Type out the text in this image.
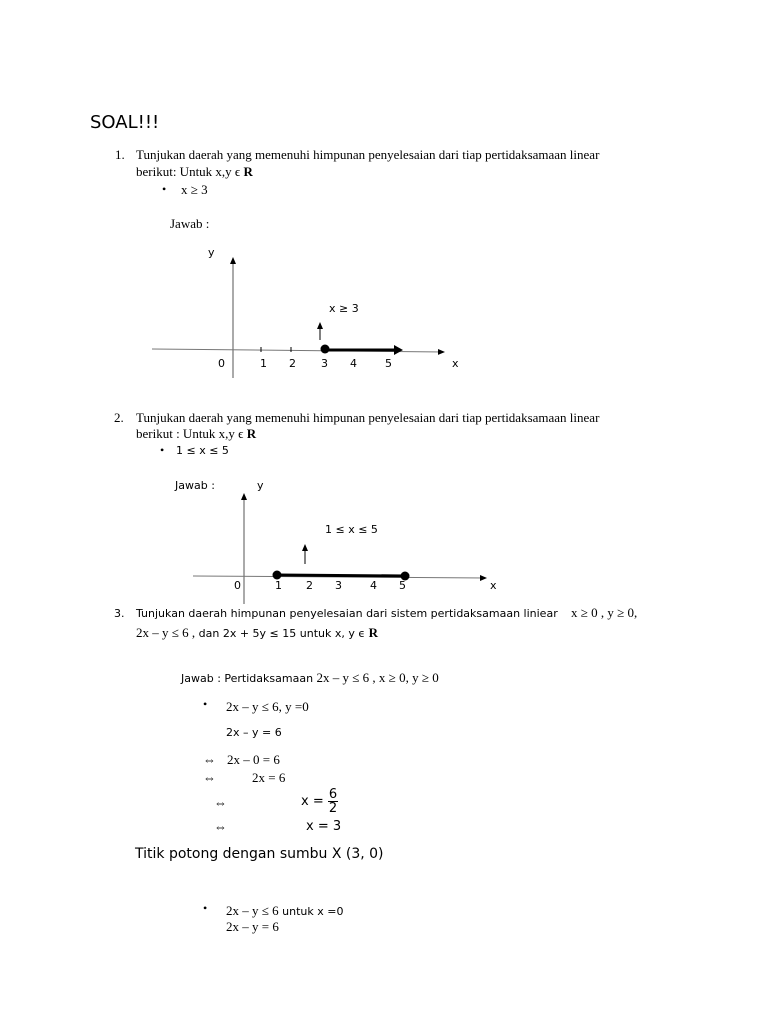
SOAL!!!
1. Tunjukan daerah yang memenuhi himpunan penyelesaian dari tiap pertidaksamaan linear
berikut: Untuk x,y ϵ R
• x ≥ 3
Jawab :
y
x ≥ 3
0	1 2 3 4	5	x
2. Tunjukan daerah yang memenuhi himpunan penyelesaian dari tiap pertidaksamaan linear
berikut : Untuk x,y ϵ R
• 1 ≤ x ≤ 5
Jawab :	y
1 ≤ x ≤ 5
0	1 2 3	4 5	x
3. Tunjukan daerah himpunan penyelesaian dari sistem pertidaksamaan liniear x ≥ 0 , y ≥ 0,
2x – y ≤ 6 , dan 2x + 5y ≤ 15 untuk x, y ϵ R
Jawab : Pertidaksamaan 2x – y ≤ 6 , x ≥ 0, y ≥ 0
• 2x – y ≤ 6, y =0
2x – y = 6
⇔ 2x – 0 = 6
⇔	2x = 6
⇔	$x = \frac{6}{2}$
⇔	x = 3
Titik potong dengan sumbu X (3, 0)
• 2x – y ≤ 6 untuk x =0
2x – y = 6
